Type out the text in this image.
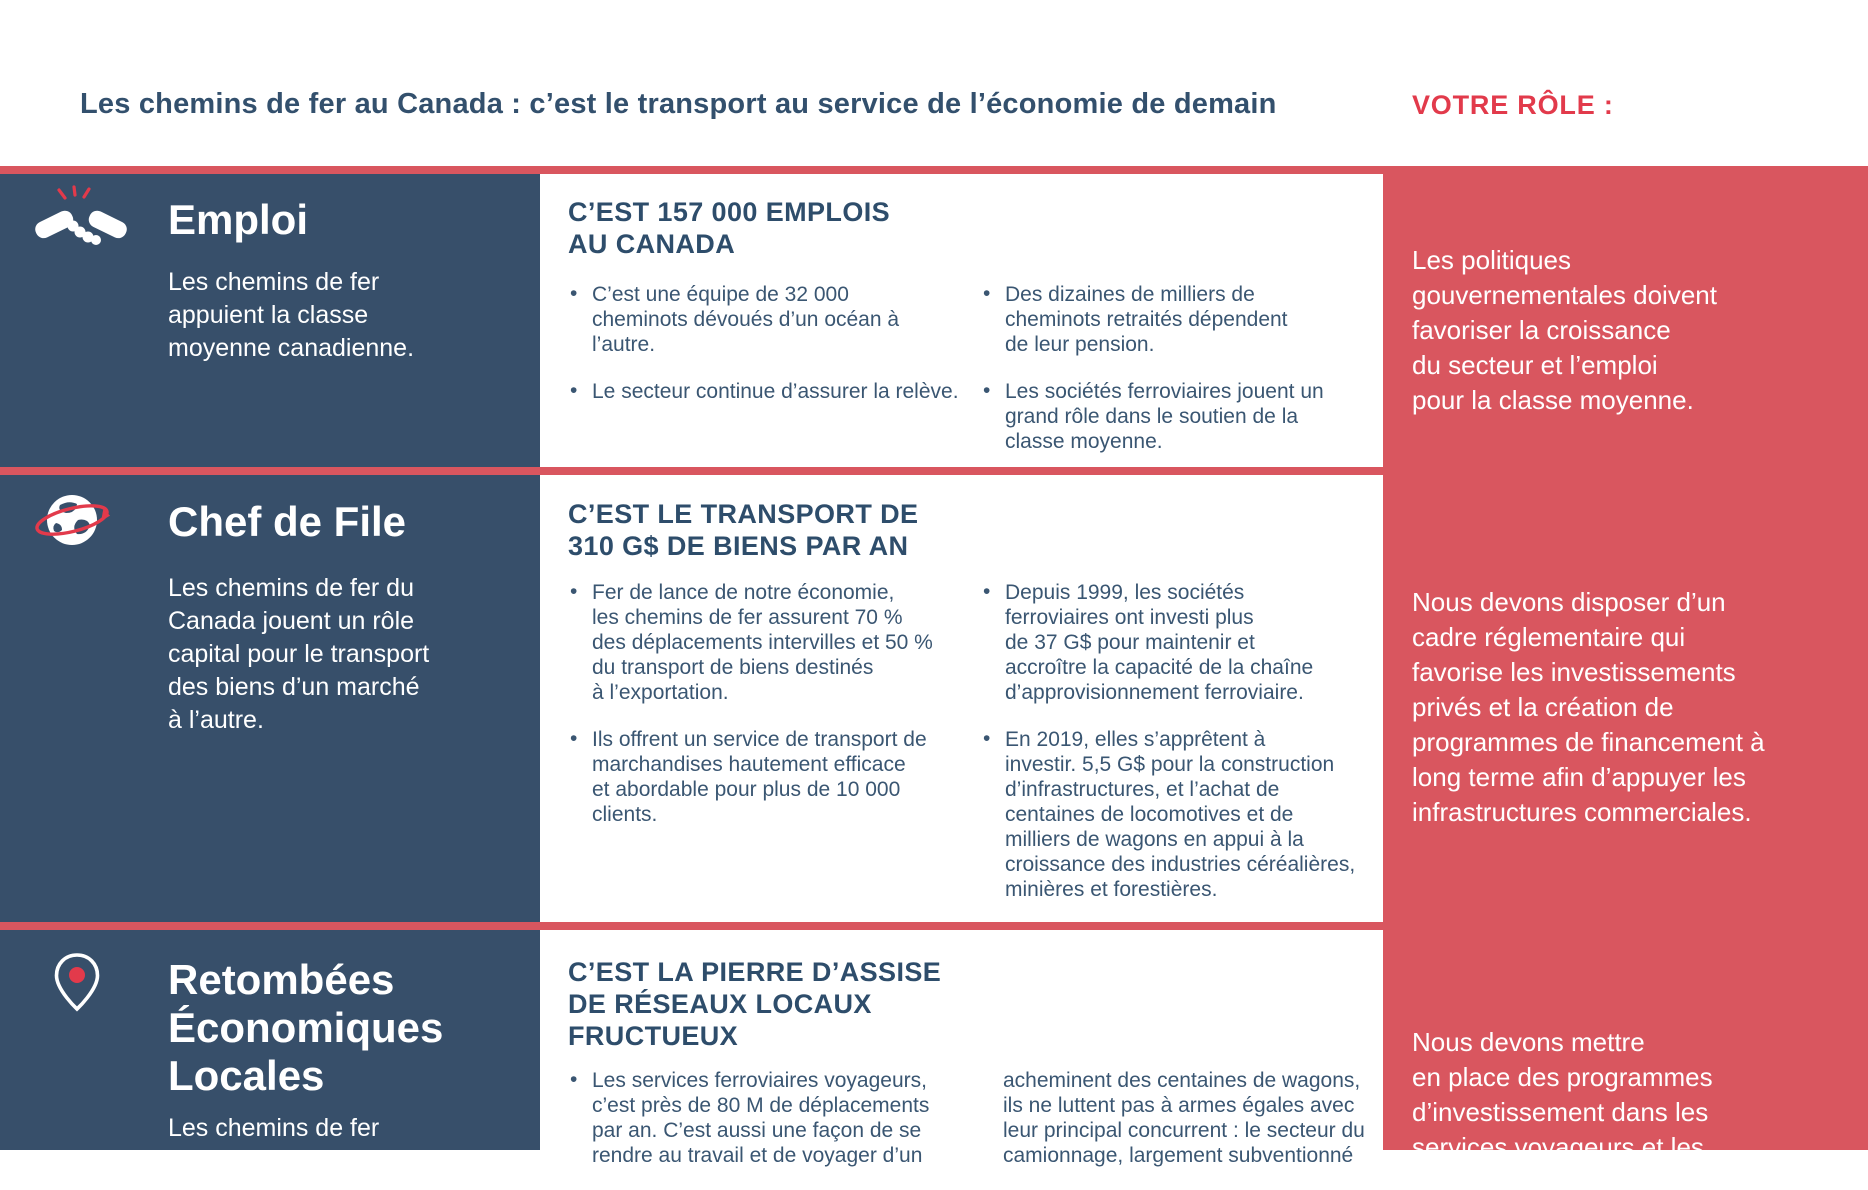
Les chemins de fer au Canada : c’est le transport au service de l’économie de demain	VOTRE RÔLE :
Emploi
Les chemins de fer
appuient la classe
moyenne canadienne.
C’EST 157 000 EMPLOIS
AU CANADA
• C’est une équipe de 32 000
cheminots dévoués d’un océan à
l’autre.
• Le secteur continue d’assurer la relève.
• Des dizaines de milliers de
cheminots retraités dépendent
de leur pension.
• Les sociétés ferroviaires jouent un
grand rôle dans le soutien de la
classe moyenne.
Les politiques
gouvernementales doivent
favoriser la croissance
du secteur et l’emploi
pour la classe moyenne.
Chef de File
Les chemins de fer du
Canada jouent un rôle
capital pour le transport
des biens d’un marché
à l’autre.
C’EST LE TRANSPORT DE
310 G$ DE BIENS PAR AN
• Fer de lance de notre économie,
les chemins de fer assurent 70 %
des déplacements intervilles et 50 %
du transport de biens destinés
à l’exportation.
• Ils offrent un service de transport de
marchandises hautement efficace
et abordable pour plus de 10 000
clients.
• Depuis 1999, les sociétés
ferroviaires ont investi plus
de 37 G$ pour maintenir et
accroître la capacité de la chaîne
d’approvisionnement ferroviaire.
• En 2019, elles s’apprêtent à
investir. 5,5 G$ pour la construction
d’infrastructures, et l’achat de
centaines de locomotives et de
milliers de wagons en appui à la
croissance des industries céréalières,
minières et forestières.
Nous devons disposer d’un
cadre réglementaire qui
favorise les investissements
privés et la création de
programmes de financement à
long terme afin d’appuyer les
infrastructures commerciales.
Retombées
Économiques
Locales
Les chemins de fer
investissent dans les
C’EST LA PIERRE D’ASSISE
DE RÉSEAUX LOCAUX
FRUCTUEUX
• Les services ferroviaires voyageurs,
c’est près de 80 M de déplacements
par an. C’est aussi une façon de se
rendre au travail et de voyager d’un
acheminent des centaines de wagons,
ils ne luttent pas à armes égales avec
leur principal concurrent : le secteur du
camionnage, largement subventionné
Nous devons mettre
en place des programmes
d’investissement dans les
services voyageurs et les
